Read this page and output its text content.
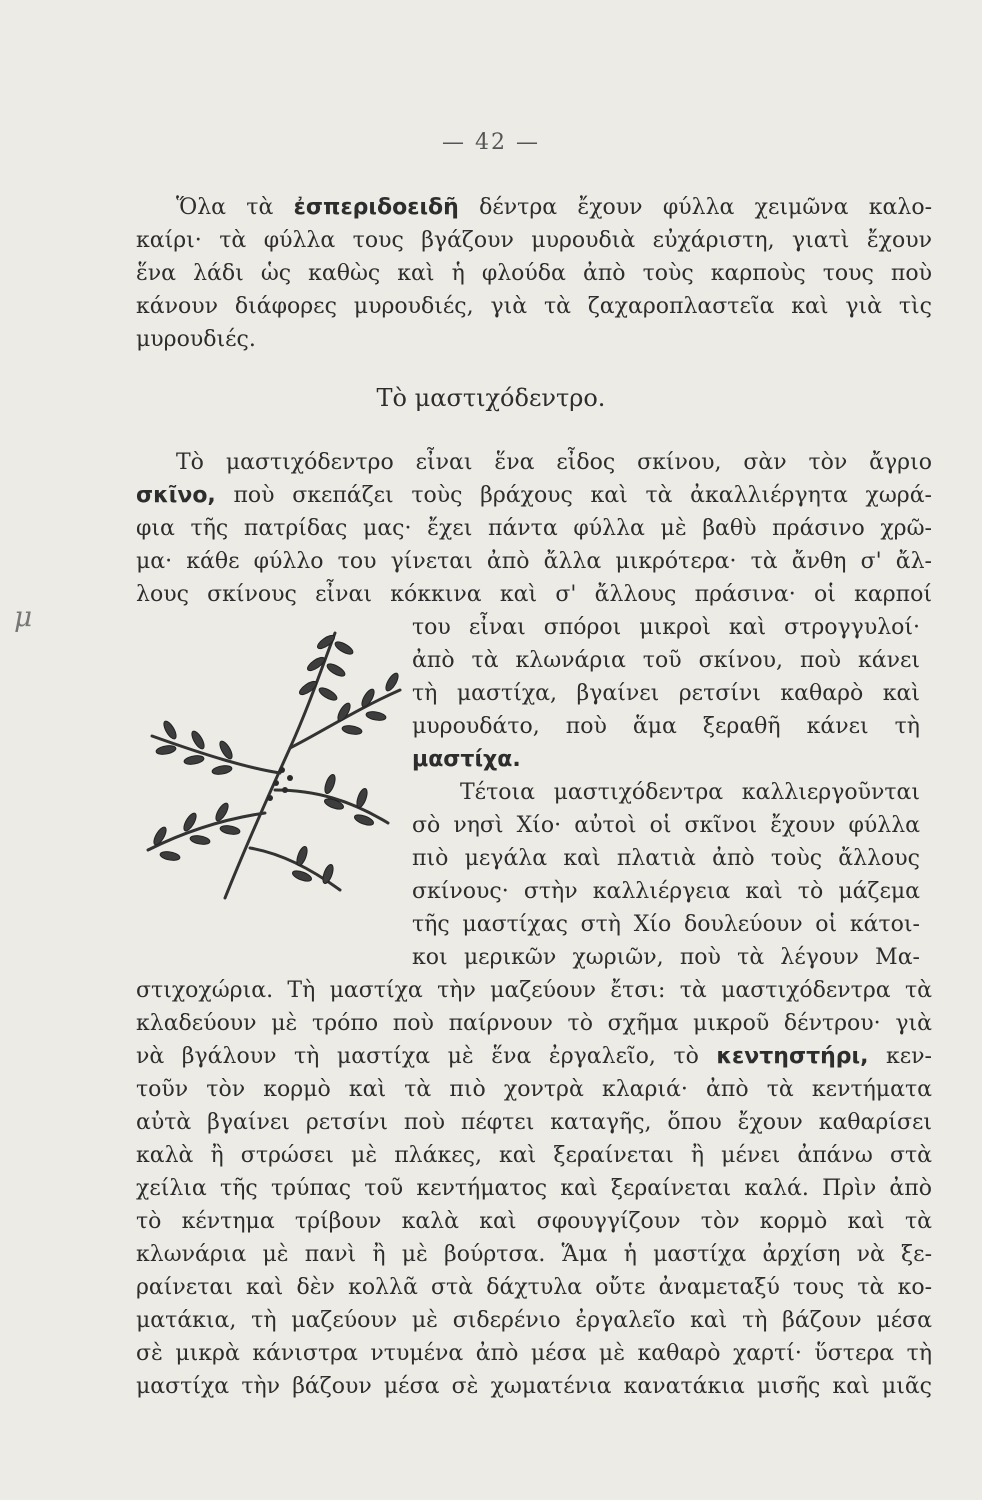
— 42 —
μ
Ὅλα τὰ ἐσπεριδοειδῆ δέντρα ἔχουν φύλλα χειμῶνα καλο-
καίρι· τὰ φύλλα τους βγάζουν μυρουδιὰ εὐχάριστη, γιατὶ ἔχουν
ἕνα λάδι ὡς καθὼς καὶ ἡ φλούδα ἀπὸ τοὺς καρποὺς τους ποὺ
κάνουν διάφορες μυρουδιές, γιὰ τὰ ζαχαροπλαστεῖα καὶ γιὰ τὶς
μυρουδιές.
Τὸ μαστιχόδεντρο.
Τὸ μαστιχόδεντρο εἶναι ἕνα εἶδος σκίνου, σὰν τὸν ἄγριο
σκῖνο, ποὺ σκεπάζει τοὺς βράχους καὶ τὰ ἀκαλλιέργητα χωρά-
φια τῆς πατρίδας μας· ἔχει πάντα φύλλα μὲ βαθὺ πράσινο χρῶ-
μα· κάθε φύλλο του γίνεται ἀπὸ ἄλλα μικρότερα· τὰ ἄνθη σ' ἄλ-
λους σκίνους εἶναι κόκκινα καὶ σ' ἄλλους πράσινα· οἱ καρποί
του εἶναι σπόροι μικροὶ καὶ στρογγυλοί·
ἀπὸ τὰ κλωνάρια τοῦ σκίνου, ποὺ κάνει
τὴ μαστίχα, βγαίνει ρετσίνι καθαρὸ καὶ
μυρουδάτο, ποὺ ἅμα ξεραθῆ κάνει τὴ
μαστίχα.
Τέτοια μαστιχόδεντρα καλλιεργοῦνται
σὸ νησὶ Χίο· αὐτοὶ οἱ σκῖνοι ἔχουν φύλλα
πιὸ μεγάλα καὶ πλατιὰ ἀπὸ τοὺς ἄλλους
σκίνους· στὴν καλλιέργεια καὶ τὸ μάζεμα
τῆς μαστίχας στὴ Χίο δουλεύουν οἱ κάτοι-
κοι μερικῶν χωριῶν, ποὺ τὰ λέγουν Μα-
στιχοχώρια. Τὴ μαστίχα τὴν μαζεύουν ἔτσι: τὰ μαστιχόδεντρα τὰ
κλαδεύουν μὲ τρόπο ποὺ παίρνουν τὸ σχῆμα μικροῦ δέντρου· γιὰ
νὰ βγάλουν τὴ μαστίχα μὲ ἕνα ἐργαλεῖο, τὸ κεντηστήρι, κεν-
τοῦν τὸν κορμὸ καὶ τὰ πιὸ χοντρὰ κλαριά· ἀπὸ τὰ κεντήματα
αὐτὰ βγαίνει ρετσίνι ποὺ πέφτει καταγῆς, ὅπου ἔχουν καθαρίσει
καλὰ ἢ στρώσει μὲ πλάκες, καὶ ξεραίνεται ἢ μένει ἀπάνω στὰ
χείλια τῆς τρύπας τοῦ κεντήματος καὶ ξεραίνεται καλά. Πρὶν ἀπὸ
τὸ κέντημα τρίβουν καλὰ καὶ σφουγγίζουν τὸν κορμὸ καὶ τὰ
κλωνάρια μὲ πανὶ ἢ μὲ βούρτσα. Ἅμα ἡ μαστίχα ἀρχίση νὰ ξε-
ραίνεται καὶ δὲν κολλᾶ στὰ δάχτυλα οὔτε ἀναμεταξύ τους τὰ κο-
ματάκια, τὴ μαζεύουν μὲ σιδερένιο ἐργαλεῖο καὶ τὴ βάζουν μέσα
σὲ μικρὰ κάνιστρα ντυμένα ἀπὸ μέσα μὲ καθαρὸ χαρτί· ὕστερα τὴ
μαστίχα τὴν βάζουν μέσα σὲ χωματένια κανατάκια μισῆς καὶ μιᾶς
